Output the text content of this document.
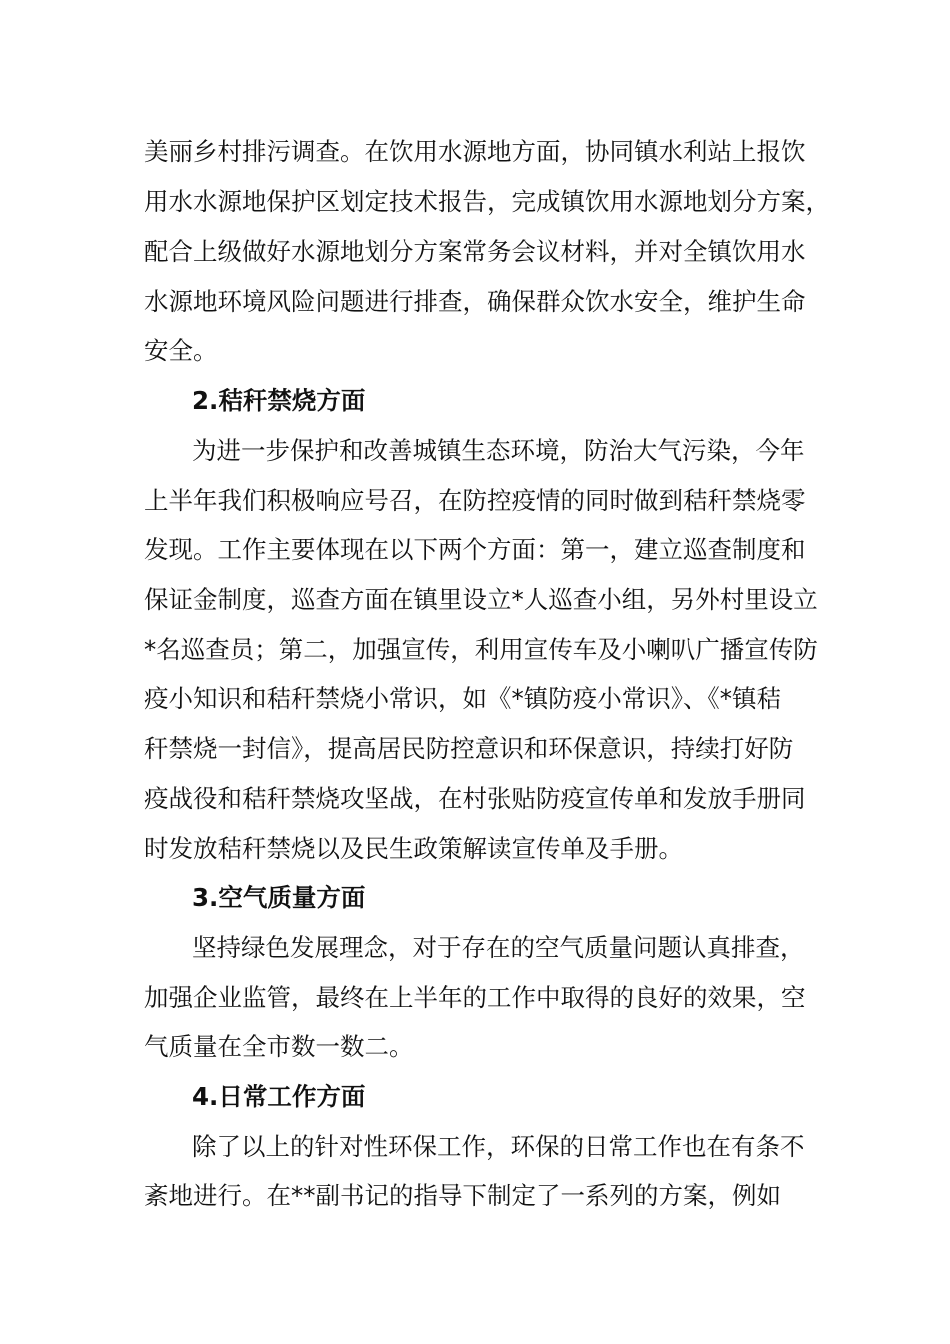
美丽乡村排污调查。在饮用水源地方面，协同镇水利站上报饮
用水水源地保护区划定技术报告，完成镇饮用水源地划分方案，
配合上级做好水源地划分方案常务会议材料，并对全镇饮用水
水源地环境风险问题进行排查，确保群众饮水安全，维护生命
安全。
2.秸秆禁烧方面
为进一步保护和改善城镇生态环境，防治大气污染，今年
上半年我们积极响应号召，在防控疫情的同时做到秸秆禁烧零
发现。工作主要体现在以下两个方面：第一，建立巡查制度和
保证金制度，巡查方面在镇里设立*人巡查小组，另外村里设立
*名巡查员；第二，加强宣传，利用宣传车及小喇叭广播宣传防
疫小知识和秸秆禁烧小常识，如《*镇防疫小常识》、《*镇秸
秆禁烧一封信》，提高居民防控意识和环保意识，持续打好防
疫战役和秸秆禁烧攻坚战，在村张贴防疫宣传单和发放手册同
时发放秸秆禁烧以及民生政策解读宣传单及手册。
3.空气质量方面
坚持绿色发展理念，对于存在的空气质量问题认真排查，
加强企业监管，最终在上半年的工作中取得的良好的效果，空
气质量在全市数一数二。
4.日常工作方面
除了以上的针对性环保工作，环保的日常工作也在有条不
紊地进行。在**副书记的指导下制定了一系列的方案，例如
